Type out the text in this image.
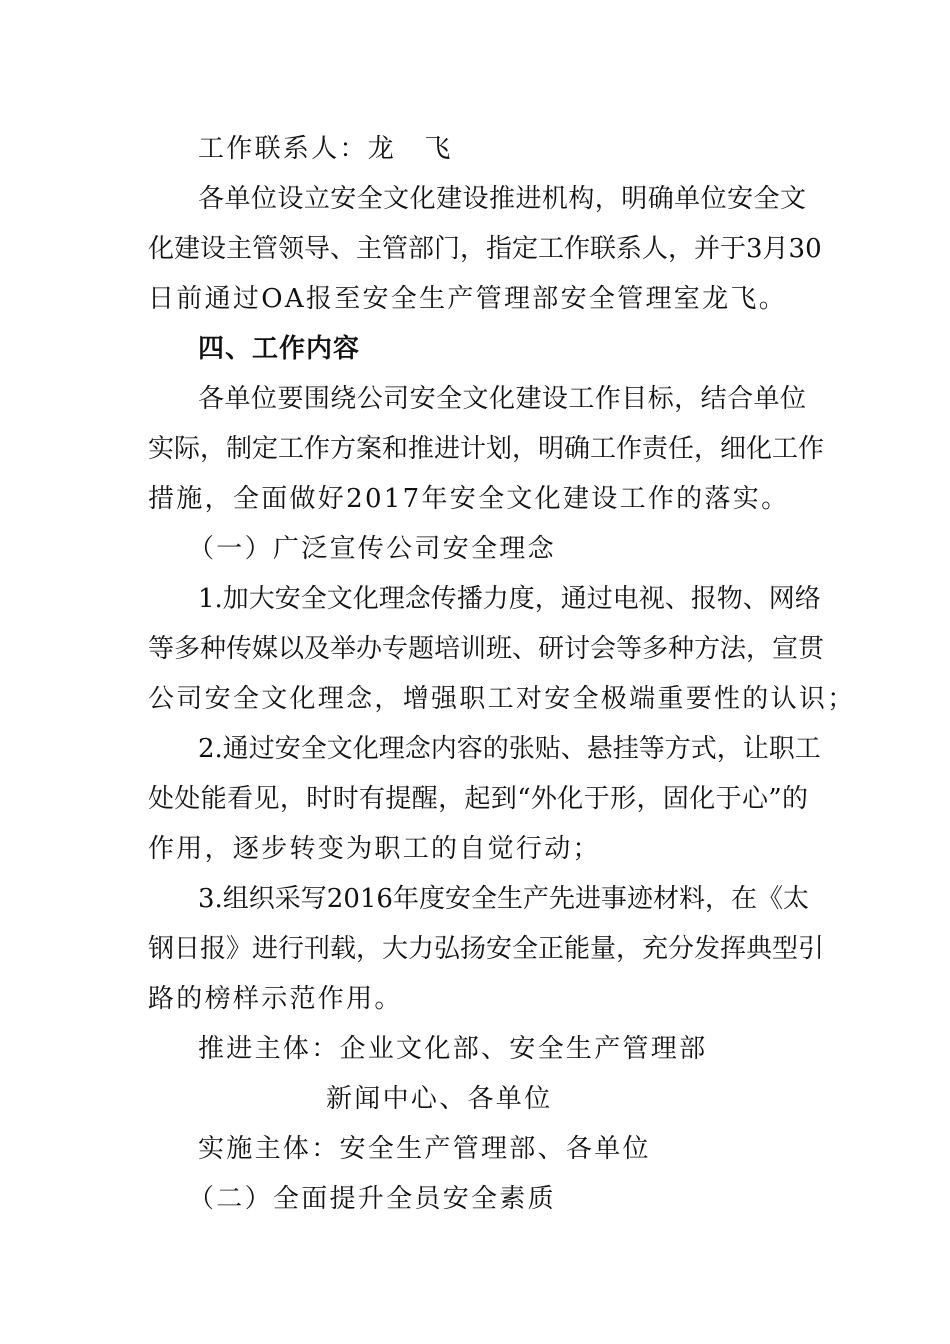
工作联系人：龙　飞
各单位设立安全文化建设推进机构，明确单位安全文
化建设主管领导、主管部门，指定工作联系人，并于3月30
日前通过OA报至安全生产管理部安全管理室龙飞。
四、工作内容
各单位要围绕公司安全文化建设工作目标，结合单位
实际，制定工作方案和推进计划，明确工作责任，细化工作
措施，全面做好2017年安全文化建设工作的落实。
（一）广泛宣传公司安全理念
1.加大安全文化理念传播力度，通过电视、报物、网络
等多种传媒以及举办专题培训班、研讨会等多种方法，宣贯
公司安全文化理念，增强职工对安全极端重要性的认识；
2.通过安全文化理念内容的张贴、悬挂等方式，让职工
处处能看见，时时有提醒，起到“外化于形，固化于心”的
作用，逐步转变为职工的自觉行动；
3.组织采写2016年度安全生产先进事迹材料，在《太
钢日报》进行刊载，大力弘扬安全正能量，充分发挥典型引
路的榜样示范作用。
推进主体：企业文化部、安全生产管理部
新闻中心、各单位
实施主体：安全生产管理部、各单位
（二）全面提升全员安全素质
